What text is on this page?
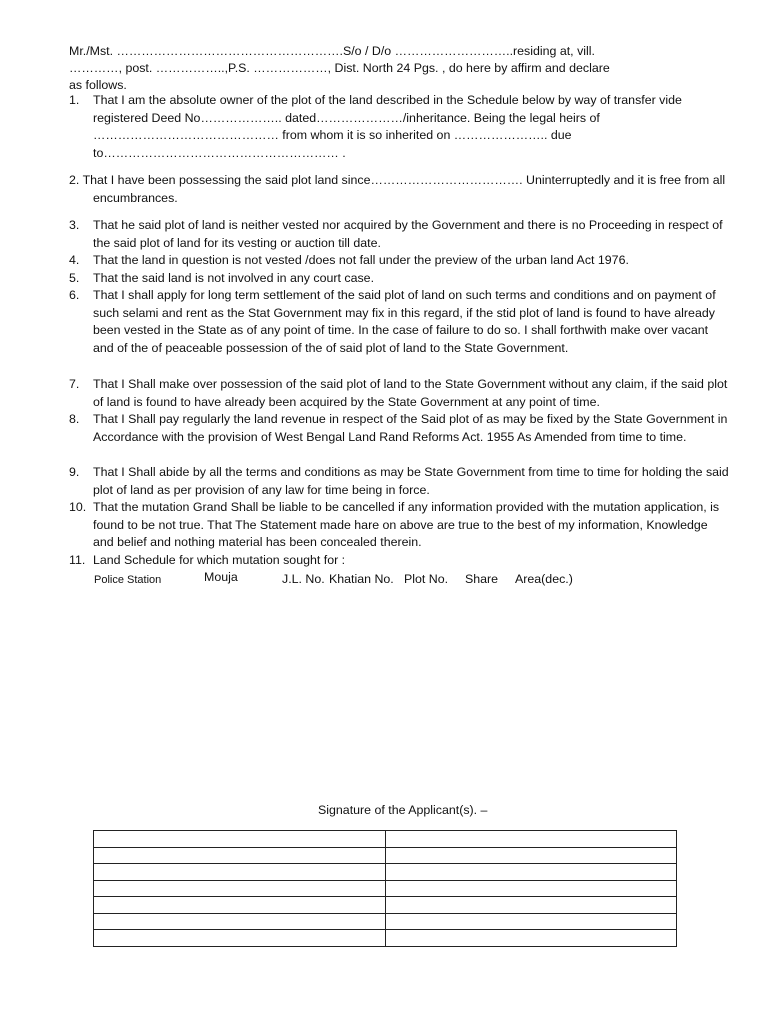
Mr./Mst. ……………………………………………….S/o / D/o ………………………..residing at, vill.
…………, post. ……………..,P.S. ………………, Dist. North 24 Pgs. , do here by affirm and declare
as follows.
1. That I am the absolute owner of the plot of the land described in the Schedule below by way of transfer vide registered Deed No……………….. dated…………………/inheritance. Being the legal heirs of ……………………………………… from whom it is so inherited on ………………….. due to………………………………………………… .
2. That I have been possessing the said plot land since………………………………. Uninterruptedly and it is free from all encumbrances.
3. That he said plot of land is neither vested nor acquired by the Government and there is no Proceeding in respect of the said plot of land for its vesting or auction till date.
4. That the land in question is not vested /does not fall under the preview of the urban land Act 1976.
5. That the said land is not involved in any court case.
6. That I shall apply for long term settlement of the said plot of land on such terms and conditions and on payment of such selami and rent as the Stat Government may fix in this regard, if the stid plot of land is found to have already been vested in the State as of any point of time. In the case of failure to do so. I shall forthwith make over vacant and of the of peaceable possession of the of said plot of land to the State Government.
7. That I Shall make over possession of the said plot of land to the State Government without any claim, if the said plot of land is found to have already been acquired by the State Government at any point of time.
8. That I Shall pay regularly the land revenue in respect of the Said plot of as may be fixed by the State Government in Accordance with the provision of West Bengal Land Rand Reforms Act. 1955 As Amended from time to time.
9. That I Shall abide by all the terms and conditions as may be State Government from time to time for holding the said plot of land as per provision of any law for time being in force.
10. That the mutation Grand Shall be liable to be cancelled if any information provided with the mutation application, is found to be not true. That The Statement made hare on above are true to the best of my information, Knowledge and belief and nothing material has been concealed therein.
11. Land Schedule for which mutation sought for :
Police Station	Mouja	J.L. No. Khatian No. Plot No. Share Area(dec.)
Signature of the Applicant(s). –
